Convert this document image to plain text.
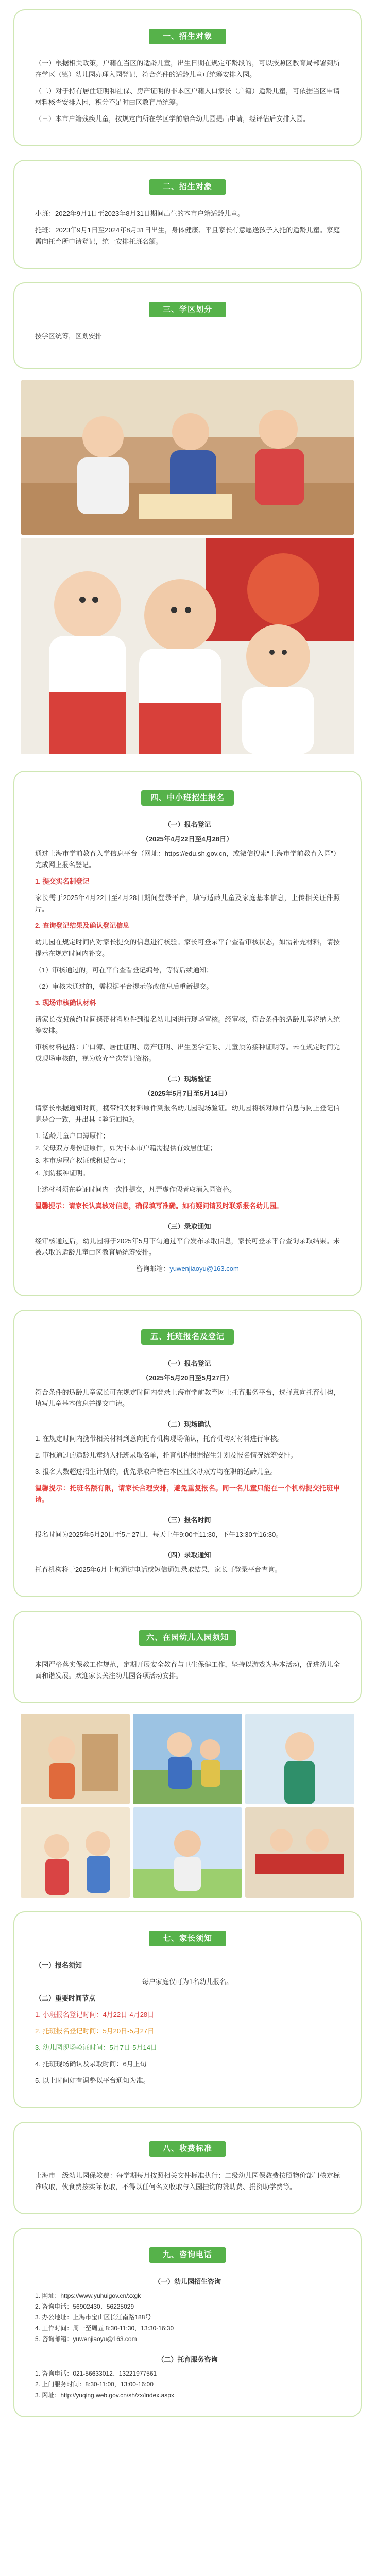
一、招生对象

（一）根据相关政策，户籍在当区的适龄儿童，出生日期在规定年龄段的，可以按照区教育局部署到所在学区（镇）幼儿园办理入园登记，符合条件的适龄儿童可统筹安排入园。

（二）对于持有居住证明和社保、房产证明的非本区户籍人口家长（户籍）适龄儿童，可依据当区申请材料核查安排入园，积分不足时由区教育局统筹。

（三）本市户籍残疾儿童，按规定向所在学区学前融合幼儿园提出申请，经评估后安排入园。

二、招生对象

小班：2022年9月1日至2023年8月31日期间出生的本市户籍适龄儿童。

托班：2023年9月1日至2024年8月31日出生，身体健康、平且家长有意愿送孩子入托的适龄儿童。家庭需向托育所申请登记，统一安排托班名额。

三、学区划分

按学区统筹，区划安排

四、中小班招生报名
（一）报名登记
（2025年4月22日至4月28日）

通过上海市学前教育入学信息平台（网址：https://edu.sh.gov.cn，或微信搜索“上海市学前教育入园”）完成网上报名登记。

1. 提交实名制登记

家长需于2025年4月22日至4月28日期间登录平台，填写适龄儿童及家庭基本信息，上传相关证件照片。

2. 查询登记结果及确认登记信息

幼儿园在规定时间内对家长提交的信息进行核验。家长可登录平台查看审核状态，如需补充材料，请按提示在规定时间内补交。

（1）审核通过的，可在平台查看登记编号，等待后续通知；

（2）审核未通过的，需根据平台提示修改信息后重新提交。

3. 现场审核确认材料

请家长按照预约时间携带材料原件到报名幼儿园进行现场审核。经审核，符合条件的适龄儿童将纳入统筹安排。

审核材料包括：户口簿、居住证明、房产证明、出生医学证明、儿童预防接种证明等。未在规定时间完成现场审核的，视为放弃当次登记资格。

（二）现场验证
（2025年5月7日至5月14日）

请家长根据通知时间，携带相关材料原件到报名幼儿园现场验证。幼儿园将核对原件信息与网上登记信息是否一致，并出具《验证回执》。

1. 适龄儿童户口簿原件；

2. 父母双方身份证原件，如为非本市户籍需提供有效居住证；

3. 本市房屋产权证或租赁合同；

4. 预防接种证明。

上述材料须在验证时间内一次性提交，凡弄虚作假者取消入园资格。

温馨提示：请家长认真核对信息，确保填写准确。如有疑问请及时联系报名幼儿园。

（三）录取通知

经审核通过后，幼儿园将于2025年5月下旬通过平台发布录取信息，家长可登录平台查询录取结果。未被录取的适龄儿童由区教育局统筹安排。

咨询邮箱：yuwenjiaoyu@163.com

五、托班报名及登记
（一）报名登记
（2025年5月20日至5月27日）

符合条件的适龄儿童家长可在规定时间内登录上海市学前教育网上托育服务平台，选择意向托育机构，填写儿童基本信息并提交申请。

（二）现场确认

1. 在规定时间内携带相关材料到意向托育机构现场确认，托育机构对材料进行审核。

2. 审核通过的适龄儿童纳入托班录取名单，托育机构根据招生计划及报名情况统筹安排。

3. 报名人数超过招生计划的，优先录取户籍在本区且父母双方均在职的适龄儿童。

温馨提示：托班名额有限，请家长合理安排，避免重复报名。同一名儿童只能在一个机构提交托班申请。

（三）报名时间

报名时间为2025年5月20日至5月27日，每天上午9:00至11:30，下午13:30至16:30。

（四）录取通知

托育机构将于2025年6月上旬通过电话或短信通知录取结果，家长可登录平台查询。

六、在园幼儿入园须知

本园严格落实保教工作规范，定期开展安全教育与卫生保健工作，坚持以游戏为基本活动，促进幼儿全面和谐发展。欢迎家长关注幼儿园各项活动安排。

七、家长须知

（一）报名须知

每户家庭仅可为1名幼儿报名。

（二）重要时间节点

1. 小班报名登记时间：4月22日-4月28日

2. 托班报名登记时间：5月20日-5月27日

3. 幼儿园现场验证时间：5月7日-5月14日

4. 托班现场确认及录取时间：6月上旬

5. 以上时间如有调整以平台通知为准。

八、收费标准

上海市一级幼儿园保教费：每学期每月按照相关文件标准执行；二级幼儿园保教费按照物价部门核定标准收取，伙食费按实际收取，不得以任何名义收取与入园挂钩的赞助费、捐资助学费等。

九、咨询电话
（一）幼儿园招生咨询

1. 网址：https://www.yuhuigov.cn/xxgk

2. 咨询电话：56902430、56225029

3. 办公地址：上海市宝山区长江南路188号

4. 工作时间：周一至周五 8:30-11:30，13:30-16:30

5. 咨询邮箱：yuwenjiaoyu@163.com

（二）托育服务咨询

1. 咨询电话：021-56633012、13221977561

2. 上门服务时间：8:30-11:00，13:00-16:00

3. 网址：http://yuqing.web.gov.cn/sh/zx/index.aspx
